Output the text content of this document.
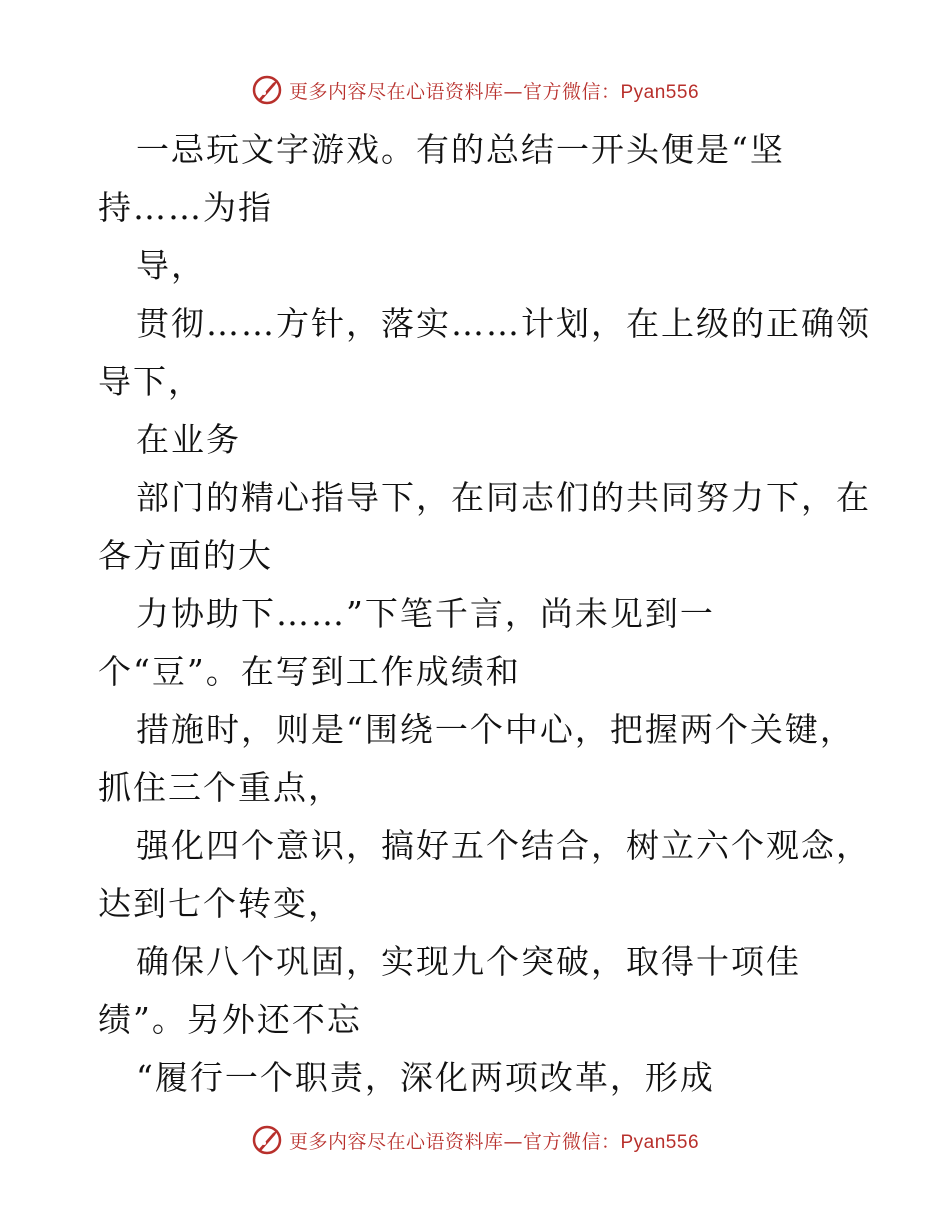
更多内容尽在心语资料库—官方微信：Pyan556
一忌玩文字游戏。有的总结一开头便是“坚
持……为指
导，
贯彻……方针，落实……计划，在上级的正确领
导下，
在业务
部门的精心指导下，在同志们的共同努力下，在
各方面的大
力协助下……”下笔千言，尚未见到一
个“豆”。在写到工作成绩和
措施时，则是“围绕一个中心，把握两个关键，
抓住三个重点，
强化四个意识，搞好五个结合，树立六个观念，
达到七个转变，
确保八个巩固，实现九个突破，取得十项佳
绩”。另外还不忘
“履行一个职责，深化两项改革，形成
更多内容尽在心语资料库—官方微信：Pyan556
